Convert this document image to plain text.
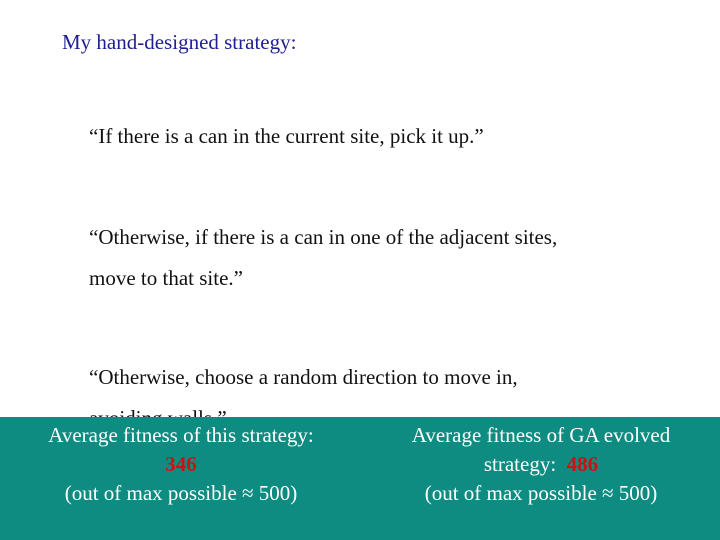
My hand-designed strategy:
“If there is a can in the current site, pick it up.”
“Otherwise, if there is a can in one of the adjacent sites,
move to that site.”
“Otherwise, choose a random direction to move in,
Average fitness of this strategy:
346
(out of max possible ≈ 500)
Average fitness of GA evolved
strategy: 486
(out of max possible ≈ 500)
